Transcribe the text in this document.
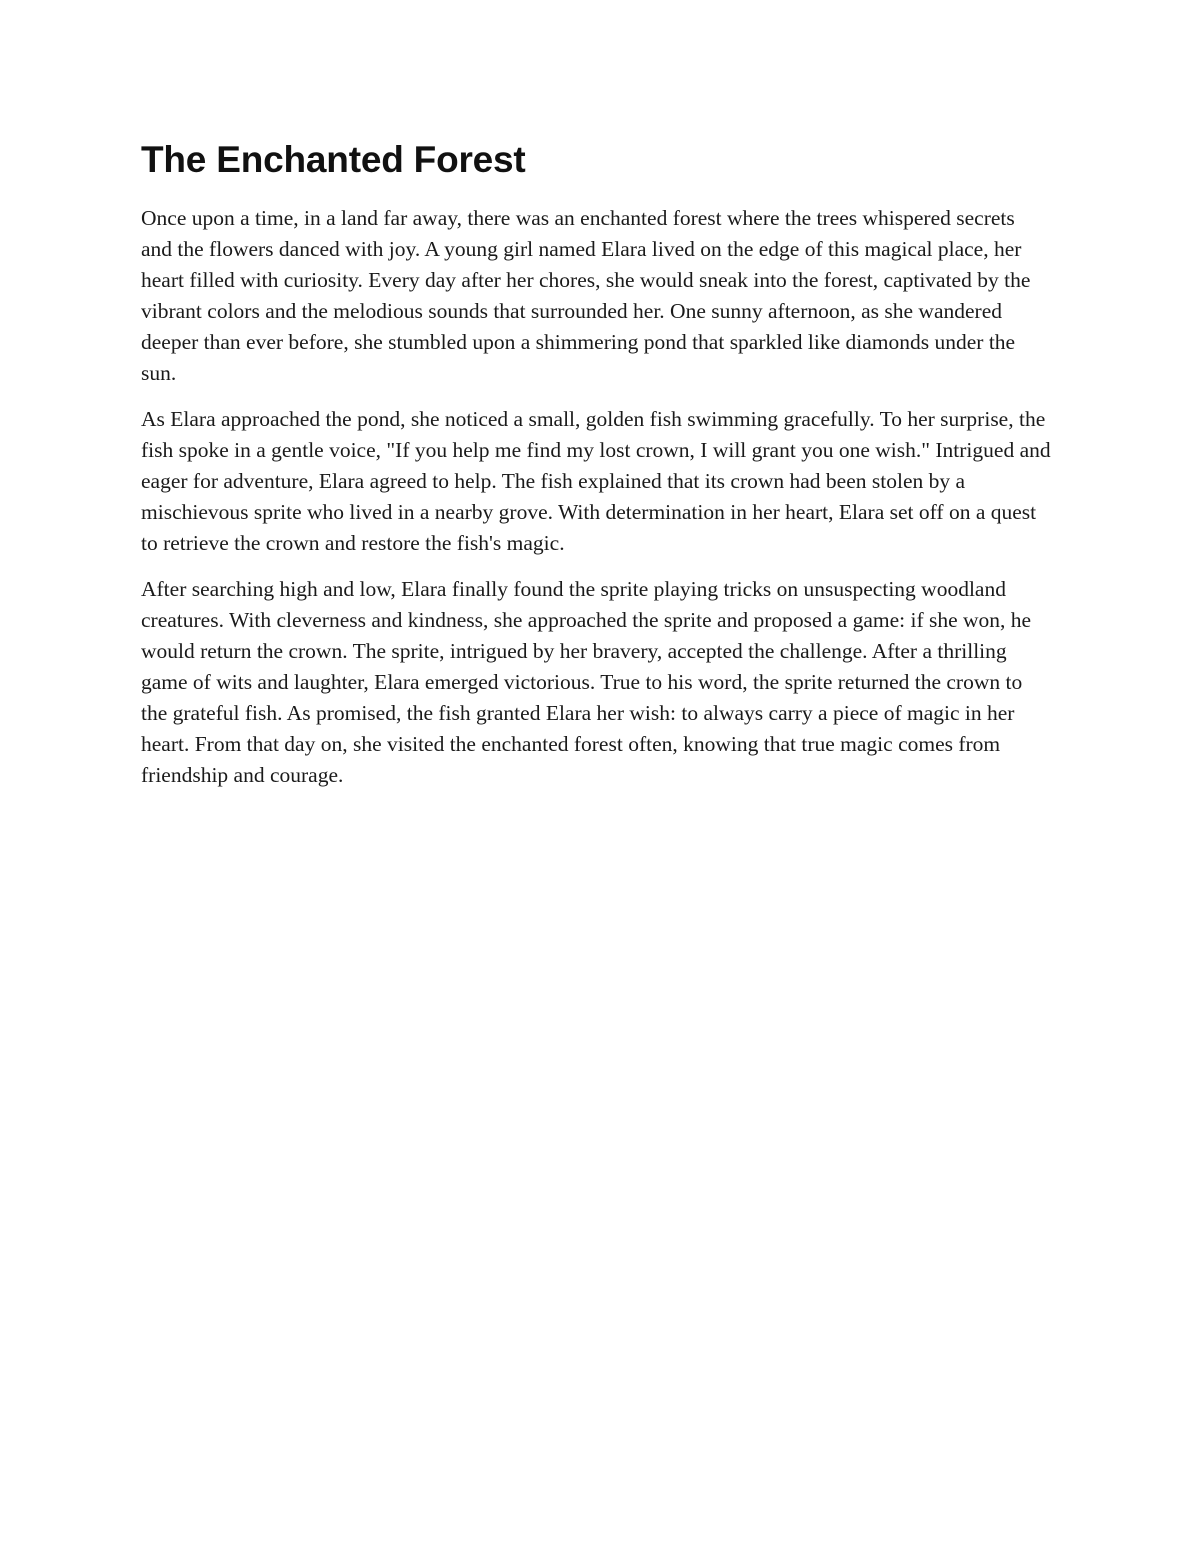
The Enchanted Forest

Once upon a time, in a land far away, there was an enchanted forest where the trees whispered secrets and the flowers danced with joy. A young girl named Elara lived on the edge of this magical place, her heart filled with curiosity. Every day after her chores, she would sneak into the forest, captivated by the vibrant colors and the melodious sounds that surrounded her. One sunny afternoon, as she wandered deeper than ever before, she stumbled upon a shimmering pond that sparkled like diamonds under the sun.

As Elara approached the pond, she noticed a small, golden fish swimming gracefully. To her surprise, the fish spoke in a gentle voice, "If you help me find my lost crown, I will grant you one wish." Intrigued and eager for adventure, Elara agreed to help. The fish explained that its crown had been stolen by a mischievous sprite who lived in a nearby grove. With determination in her heart, Elara set off on a quest to retrieve the crown and restore the fish's magic.

After searching high and low, Elara finally found the sprite playing tricks on unsuspecting woodland creatures. With cleverness and kindness, she approached the sprite and proposed a game: if she won, he would return the crown. The sprite, intrigued by her bravery, accepted the challenge. After a thrilling game of wits and laughter, Elara emerged victorious. True to his word, the sprite returned the crown to the grateful fish. As promised, the fish granted Elara her wish: to always carry a piece of magic in her heart. From that day on, she visited the enchanted forest often, knowing that true magic comes from friendship and courage.
